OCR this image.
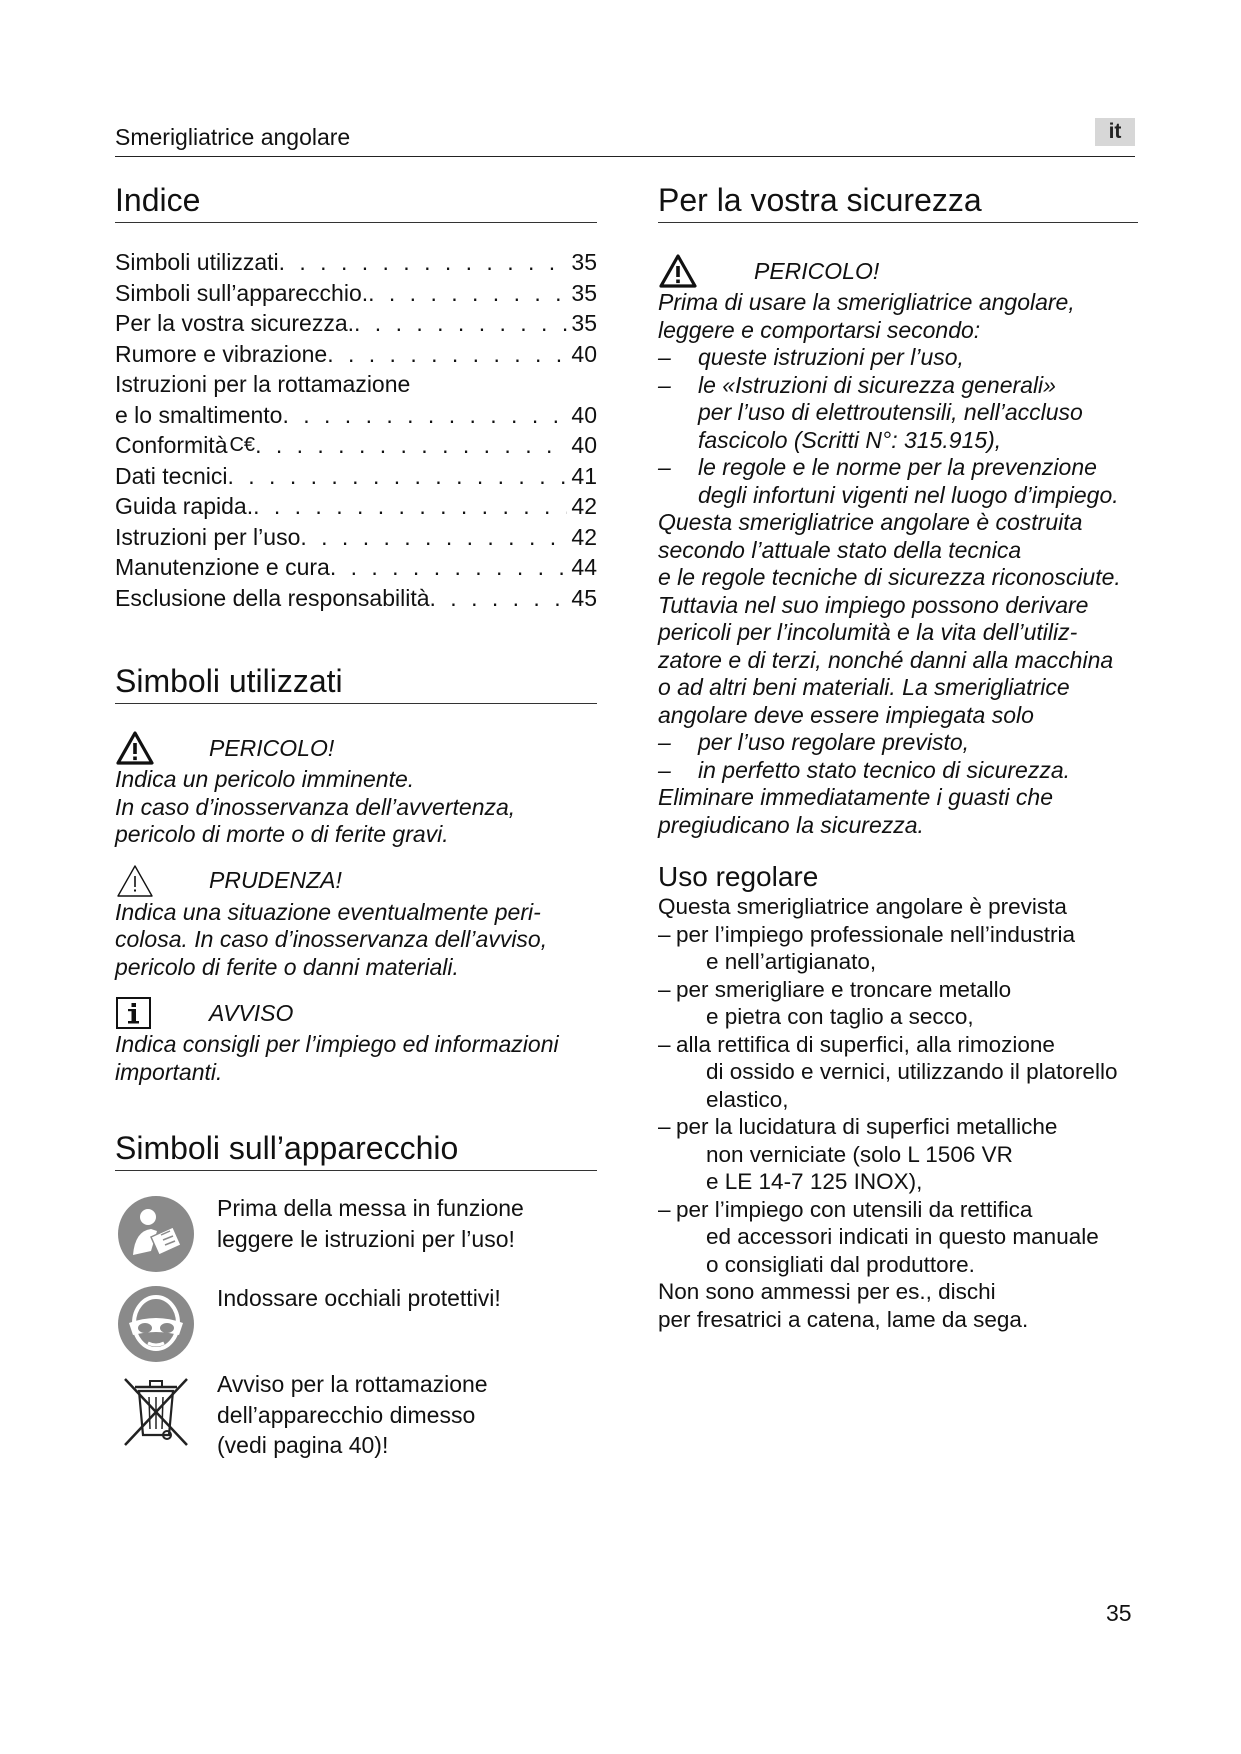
Smerigliatrice angolare	it
Indice
Simboli utilizzati . . .	35
Simboli sull’apparecchio. . . .	35
Per la vostra sicurezza. . . .	35
Rumore e vibrazione . . .	40
Istruzioni per la rottamazione
e lo smaltimento . . .	40
Conformità C€ . . .	40
Dati tecnici . . .	41
Guida rapida. . . .	42
Istruzioni per l’uso . . .	42
Manutenzione e cura . . .	44
Esclusione della responsabilità . . .	45
Simboli utilizzati
PERICOLO!
Indica un pericolo imminente.
In caso d’inosservanza dell’avvertenza,
pericolo di morte o di ferite gravi.
PRUDENZA!
Indica una situazione eventualmente peri-
colosa. In caso d’inosservanza dell’avviso,
pericolo di ferite o danni materiali.
AVVISO
Indica consigli per l’impiego ed informazioni
importanti.
Simboli sull’apparecchio
Prima della messa in funzione
leggere le istruzioni per l’uso!
Indossare occhiali protettivi!
Avviso per la rottamazione
dell’apparecchio dimesso
(vedi pagina 40)!
Per la vostra sicurezza
PERICOLO!
Prima di usare la smerigliatrice angolare,
leggere e comportarsi secondo:
–	queste istruzioni per l’uso,
–	le «Istruzioni di sicurezza generali»
per l’uso di elettroutensili, nell’accluso
fascicolo (Scritti N°: 315.915),
–	le regole e le norme per la prevenzione
degli infortuni vigenti nel luogo d’impiego.
Questa smerigliatrice angolare è costruita
secondo l’attuale stato della tecnica
e le regole tecniche di sicurezza riconosciute.
Tuttavia nel suo impiego possono derivare
pericoli per l’incolumità e la vita dell’utiliz-
zatore e di terzi, nonché danni alla macchina
o ad altri beni materiali. La smerigliatrice
angolare deve essere impiegata solo
–	per l’uso regolare previsto,
–	in perfetto stato tecnico di sicurezza.
Eliminare immediatamente i guasti che
pregiudicano la sicurezza.
Uso regolare
Questa smerigliatrice angolare è prevista
– per l’impiego professionale nell’industria
e nell’artigianato,
– per smerigliare e troncare metallo
e pietra con taglio a secco,
– alla rettifica di superfici, alla rimozione
di ossido e vernici, utilizzando il platorello
elastico,
– per la lucidatura di superfici metalliche
non verniciate (solo L 1506 VR
e LE 14-7 125 INOX),
– per l’impiego con utensili da rettifica
ed accessori indicati in questo manuale
o consigliati dal produttore.
Non sono ammessi per es., dischi
per fresatrici a catena, lame da sega.
35
